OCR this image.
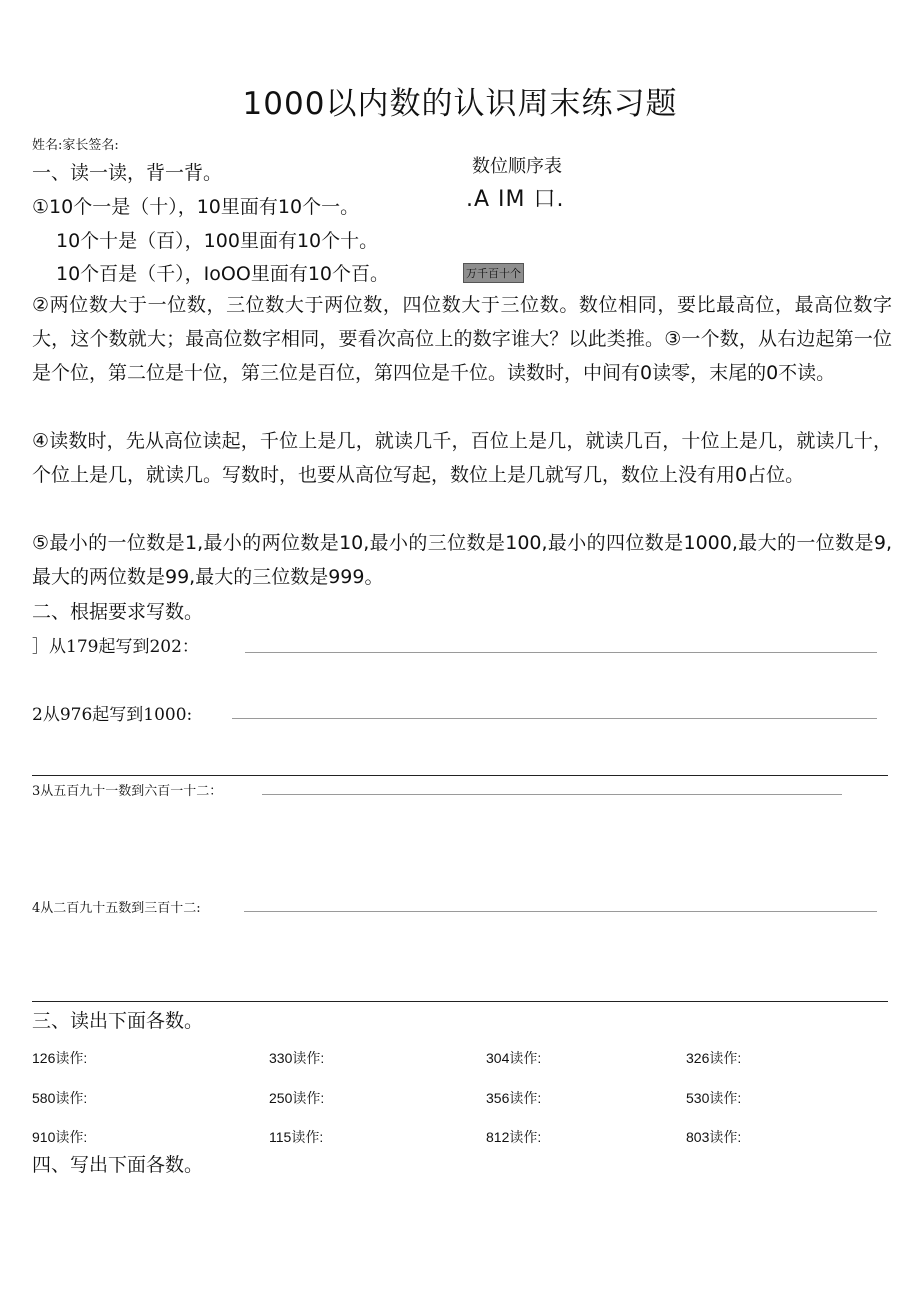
1000以内数的认识周末练习题
姓名:家长签名:
数位顺序表
.A IM 口.
万千百十个
一、读一读，背一背。
①10个一是（十），10里面有10个一。
10个十是（百），100里面有10个十。
10个百是（千），IoOO里面有10个百。
②两位数大于一位数，三位数大于两位数，四位数大于三位数。数位相同，要比最高位，最高位数字大，这个数就大；最高位数字相同，要看次高位上的数字谁大？以此类推。③一个数，从右边起第一位是个位，第二位是十位，第三位是百位，第四位是千位。读数时，中间有0读零，末尾的0不读。
④读数时，先从高位读起，千位上是几，就读几千，百位上是几，就读几百，十位上是几，就读几十，个位上是几，就读几。写数时，也要从高位写起，数位上是几就写几，数位上没有用0占位。
⑤最小的一位数是1,最小的两位数是10,最小的三位数是100,最小的四位数是1000,最大的一位数是9,最大的两位数是99,最大的三位数是999。
二、根据要求写数。
］从179起写到202：
2从976起写到1000:
3从五百九十一数到六百一十二：
4从二百九十五数到三百十二:
三、读出下面各数。
126读作:	330读作:	304读作:	326读作:
580读作:	250读作:	356读作:	530读作:
910读作:	115读作:	812读作:	803读作:
四、写出下面各数。
